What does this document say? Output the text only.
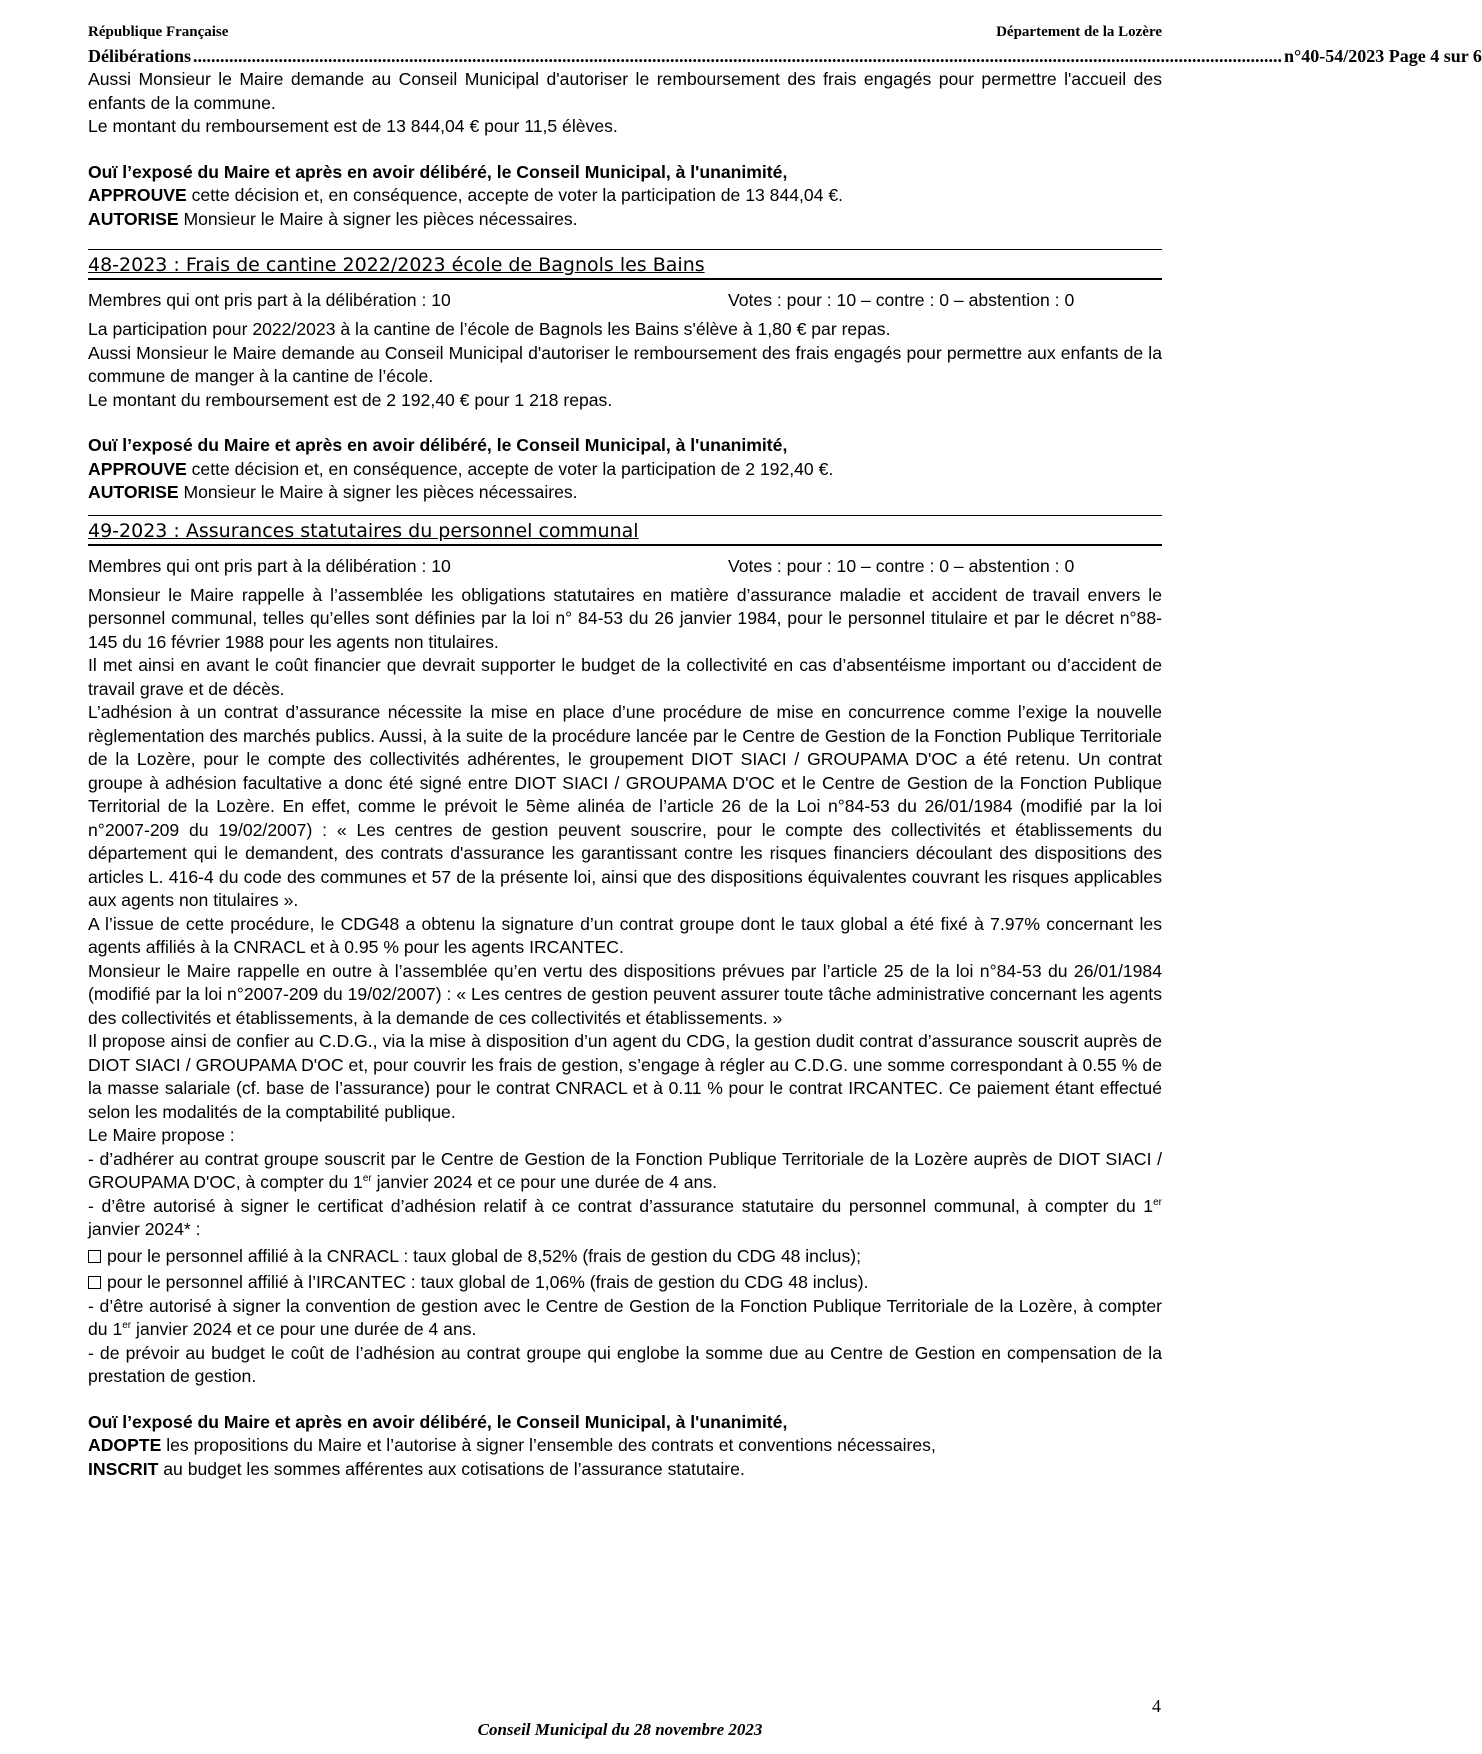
République Française	Département de la Lozère
Délibérations .................................................................................................................................................................................................................................................. n°40-54/2023 Page 4 sur 6

Aussi Monsieur le Maire demande au Conseil Municipal d'autoriser le remboursement des frais engagés pour permettre l'accueil des enfants de la commune.

Le montant du remboursement est de 13 844,04 € pour 11,5 élèves.

Ouï l’exposé du Maire et après en avoir délibéré, le Conseil Municipal, à l'unanimité,

APPROUVE cette décision et, en conséquence, accepte de voter la participation de 13 844,04 €.

AUTORISE Monsieur le Maire à signer les pièces nécessaires.

48-2023 : Frais de cantine 2022/2023 école de Bagnols les Bains
Membres qui ont pris part à la délibération : 10	Votes : pour : 10 – contre : 0 – abstention : 0

La participation pour 2022/2023 à la cantine de l’école de Bagnols les Bains s'élève à 1,80 € par repas.

Aussi Monsieur le Maire demande au Conseil Municipal d'autoriser le remboursement des frais engagés pour permettre aux enfants de la commune de manger à la cantine de l’école.

Le montant du remboursement est de 2 192,40 € pour 1 218 repas.

Ouï l’exposé du Maire et après en avoir délibéré, le Conseil Municipal, à l'unanimité,

APPROUVE cette décision et, en conséquence, accepte de voter la participation de 2 192,40 €.

AUTORISE Monsieur le Maire à signer les pièces nécessaires.

49-2023 : Assurances statutaires du personnel communal
Membres qui ont pris part à la délibération : 10	Votes : pour : 10 – contre : 0 – abstention : 0

Monsieur le Maire rappelle à l’assemblée les obligations statutaires en matière d’assurance maladie et accident de travail envers le personnel communal, telles qu’elles sont définies par la loi n° 84-53 du 26 janvier 1984, pour le personnel titulaire et par le décret n°88-145 du 16 février 1988 pour les agents non titulaires.

Il met ainsi en avant le coût financier que devrait supporter le budget de la collectivité en cas d’absentéisme important ou d’accident de travail grave et de décès.

L’adhésion à un contrat d’assurance nécessite la mise en place d’une procédure de mise en concurrence comme l’exige la nouvelle règlementation des marchés publics. Aussi, à la suite de la procédure lancée par le Centre de Gestion de la Fonction Publique Territoriale de la Lozère, pour le compte des collectivités adhérentes, le groupement DIOT SIACI / GROUPAMA D'OC a été retenu. Un contrat groupe à adhésion facultative a donc été signé entre DIOT SIACI / GROUPAMA D'OC et le Centre de Gestion de la Fonction Publique Territorial de la Lozère. En effet, comme le prévoit le 5ème alinéa de l’article 26 de la Loi n°84-53 du 26/01/1984 (modifié par la loi n°2007-209 du 19/02/2007) : « Les centres de gestion peuvent souscrire, pour le compte des collectivités et établissements du département qui le demandent, des contrats d'assurance les garantissant contre les risques financiers découlant des dispositions des articles L. 416-4 du code des communes et 57 de la présente loi, ainsi que des dispositions équivalentes couvrant les risques applicables aux agents non titulaires ».

A l’issue de cette procédure, le CDG48 a obtenu la signature d’un contrat groupe dont le taux global a été fixé à 7.97% concernant les agents affiliés à la CNRACL et à 0.95 % pour les agents IRCANTEC.

Monsieur le Maire rappelle en outre à l’assemblée qu’en vertu des dispositions prévues par l’article 25 de la loi n°84-53 du 26/01/1984 (modifié par la loi n°2007-209 du 19/02/2007) : « Les centres de gestion peuvent assurer toute tâche administrative concernant les agents des collectivités et établissements, à la demande de ces collectivités et établissements. »

Il propose ainsi de confier au C.D.G., via la mise à disposition d’un agent du CDG, la gestion dudit contrat d’assurance souscrit auprès de DIOT SIACI / GROUPAMA D'OC et, pour couvrir les frais de gestion, s’engage à régler au C.D.G. une somme correspondant à 0.55 % de la masse salariale (cf. base de l’assurance) pour le contrat CNRACL et à 0.11 % pour le contrat IRCANTEC. Ce paiement étant effectué selon les modalités de la comptabilité publique.

Le Maire propose :

- d’adhérer au contrat groupe souscrit par le Centre de Gestion de la Fonction Publique Territoriale de la Lozère auprès de DIOT SIACI / GROUPAMA D'OC, à compter du 1er janvier 2024 et ce pour une durée de 4 ans.

- d’être autorisé à signer le certificat d’adhésion relatif à ce contrat d’assurance statutaire du personnel communal, à compter du 1er janvier 2024* :

pour le personnel affilié à la CNRACL : taux global de 8,52% (frais de gestion du CDG 48 inclus);

pour le personnel affilié à l’IRCANTEC : taux global de 1,06% (frais de gestion du CDG 48 inclus).

- d’être autorisé à signer la convention de gestion avec le Centre de Gestion de la Fonction Publique Territoriale de la Lozère, à compter du 1er janvier 2024 et ce pour une durée de 4 ans.

- de prévoir au budget le coût de l’adhésion au contrat groupe qui englobe la somme due au Centre de Gestion en compensation de la prestation de gestion.

Ouï l’exposé du Maire et après en avoir délibéré, le Conseil Municipal, à l'unanimité,

ADOPTE les propositions du Maire et l’autorise à signer l’ensemble des contrats et conventions nécessaires,

INSCRIT au budget les sommes afférentes aux cotisations de l’assurance statutaire.

4
Conseil Municipal du 28 novembre 2023
